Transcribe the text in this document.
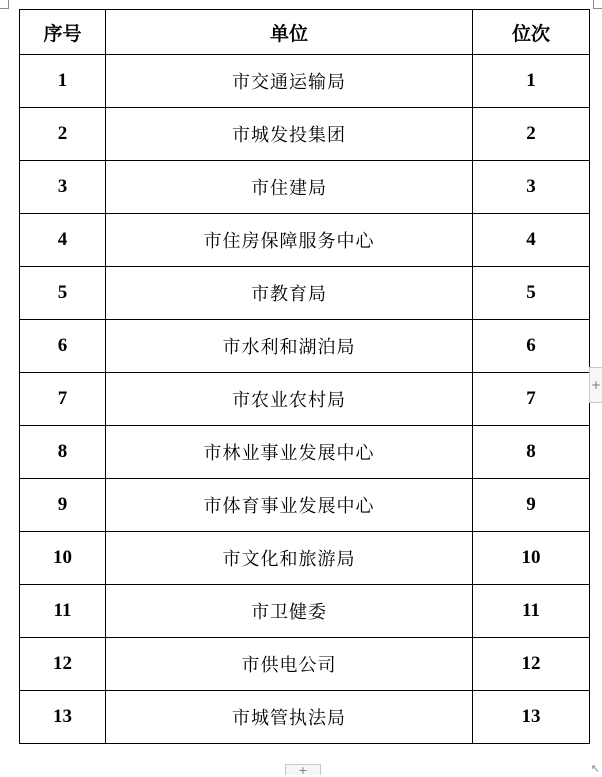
序号	单位	位次
1	市交通运输局	1
2	市城发投集团	2
3	市住建局	3
4	市住房保障服务中心	4
5	市教育局	5
6	市水利和湖泊局	6
7	市农业农村局	7
8	市林业事业发展中心	8
9	市体育事业发展中心	9
10	市文化和旅游局	10
11	市卫健委	11
12	市供电公司	12
13	市城管执法局	13
+
+	↖
